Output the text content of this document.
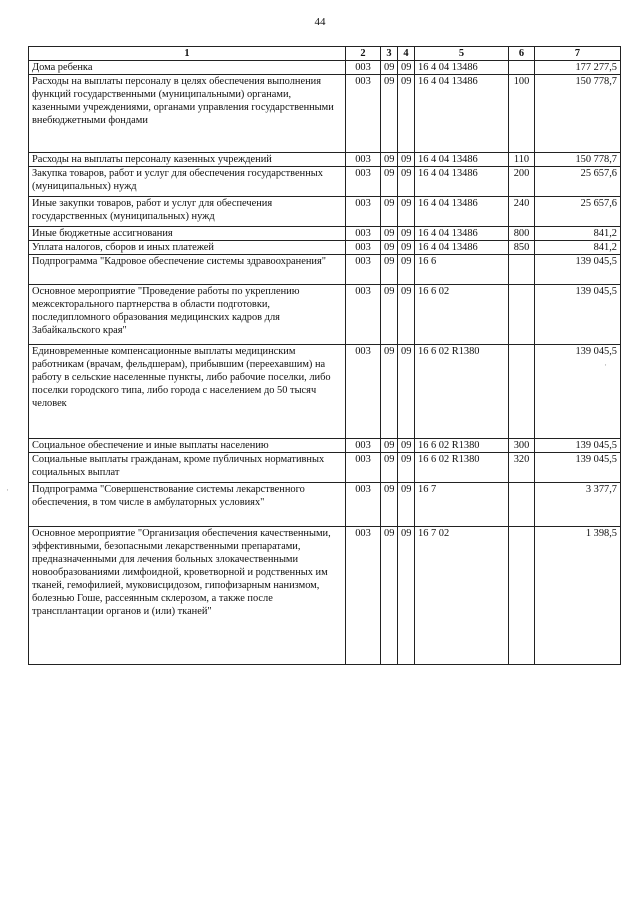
44
1	2	3	4	5	6	7
Дома ребенка	003	09	09	16 4 04 13486		177 277,5
Расходы на выплаты персоналу в целях обеспечения выполнения функций государственными (муниципальными) органами, казенными учреждениями, органами управления государственными внебюджетными фондами	003	09	09	16 4 04 13486	100	150 778,7
Расходы на выплаты персоналу казенных учреждений	003	09	09	16 4 04 13486	110	150 778,7
Закупка товаров, работ и услуг для обеспечения государственных (муниципальных) нужд	003	09	09	16 4 04 13486	200	25 657,6
Иные закупки товаров, работ и услуг для обеспечения государственных (муниципальных) нужд	003	09	09	16 4 04 13486	240	25 657,6
Иные бюджетные ассигнования	003	09	09	16 4 04 13486	800	841,2
Уплата налогов, сборов и иных платежей	003	09	09	16 4 04 13486	850	841,2
Подпрограмма "Кадровое обеспечение системы здравоохранения"	003	09	09	16 6		139 045,5
Основное мероприятие "Проведение работы по укреплению межсекторального партнерства в области подготовки, последипломного образования медицинских кадров для Забайкальского края"	003	09	09	16 6 02		139 045,5
Единовременные компенсационные выплаты медицинским работникам (врачам, фельдшерам), прибывшим (переехавшим) на работу в сельские населенные пункты, либо рабочие поселки, либо поселки городского типа, либо города с населением до 50 тысяч человек	003	09	09	16 6 02 R1380		139 045,5
Социальное обеспечение и иные выплаты населению	003	09	09	16 6 02 R1380	300	139 045,5
Социальные выплаты гражданам, кроме публичных нормативных социальных выплат	003	09	09	16 6 02 R1380	320	139 045,5
Подпрограмма "Совершенствование системы лекарственного обеспечения, в том числе в амбулаторных условиях"	003	09	09	16 7		3 377,7
Основное мероприятие "Организация обеспечения качественными, эффективными, безопасными лекарственными препаратами, предназначенными для лечения больных злокачественными новообразованиями лимфоидной, кроветворной и родственных им тканей, гемофилией, муковисцидозом, гипофизарным нанизмом, болезнью Гоше, рассеянным склерозом, а также после трансплантации органов и (или) тканей"	003	09	09	16 7 02		1 398,5
·
·
